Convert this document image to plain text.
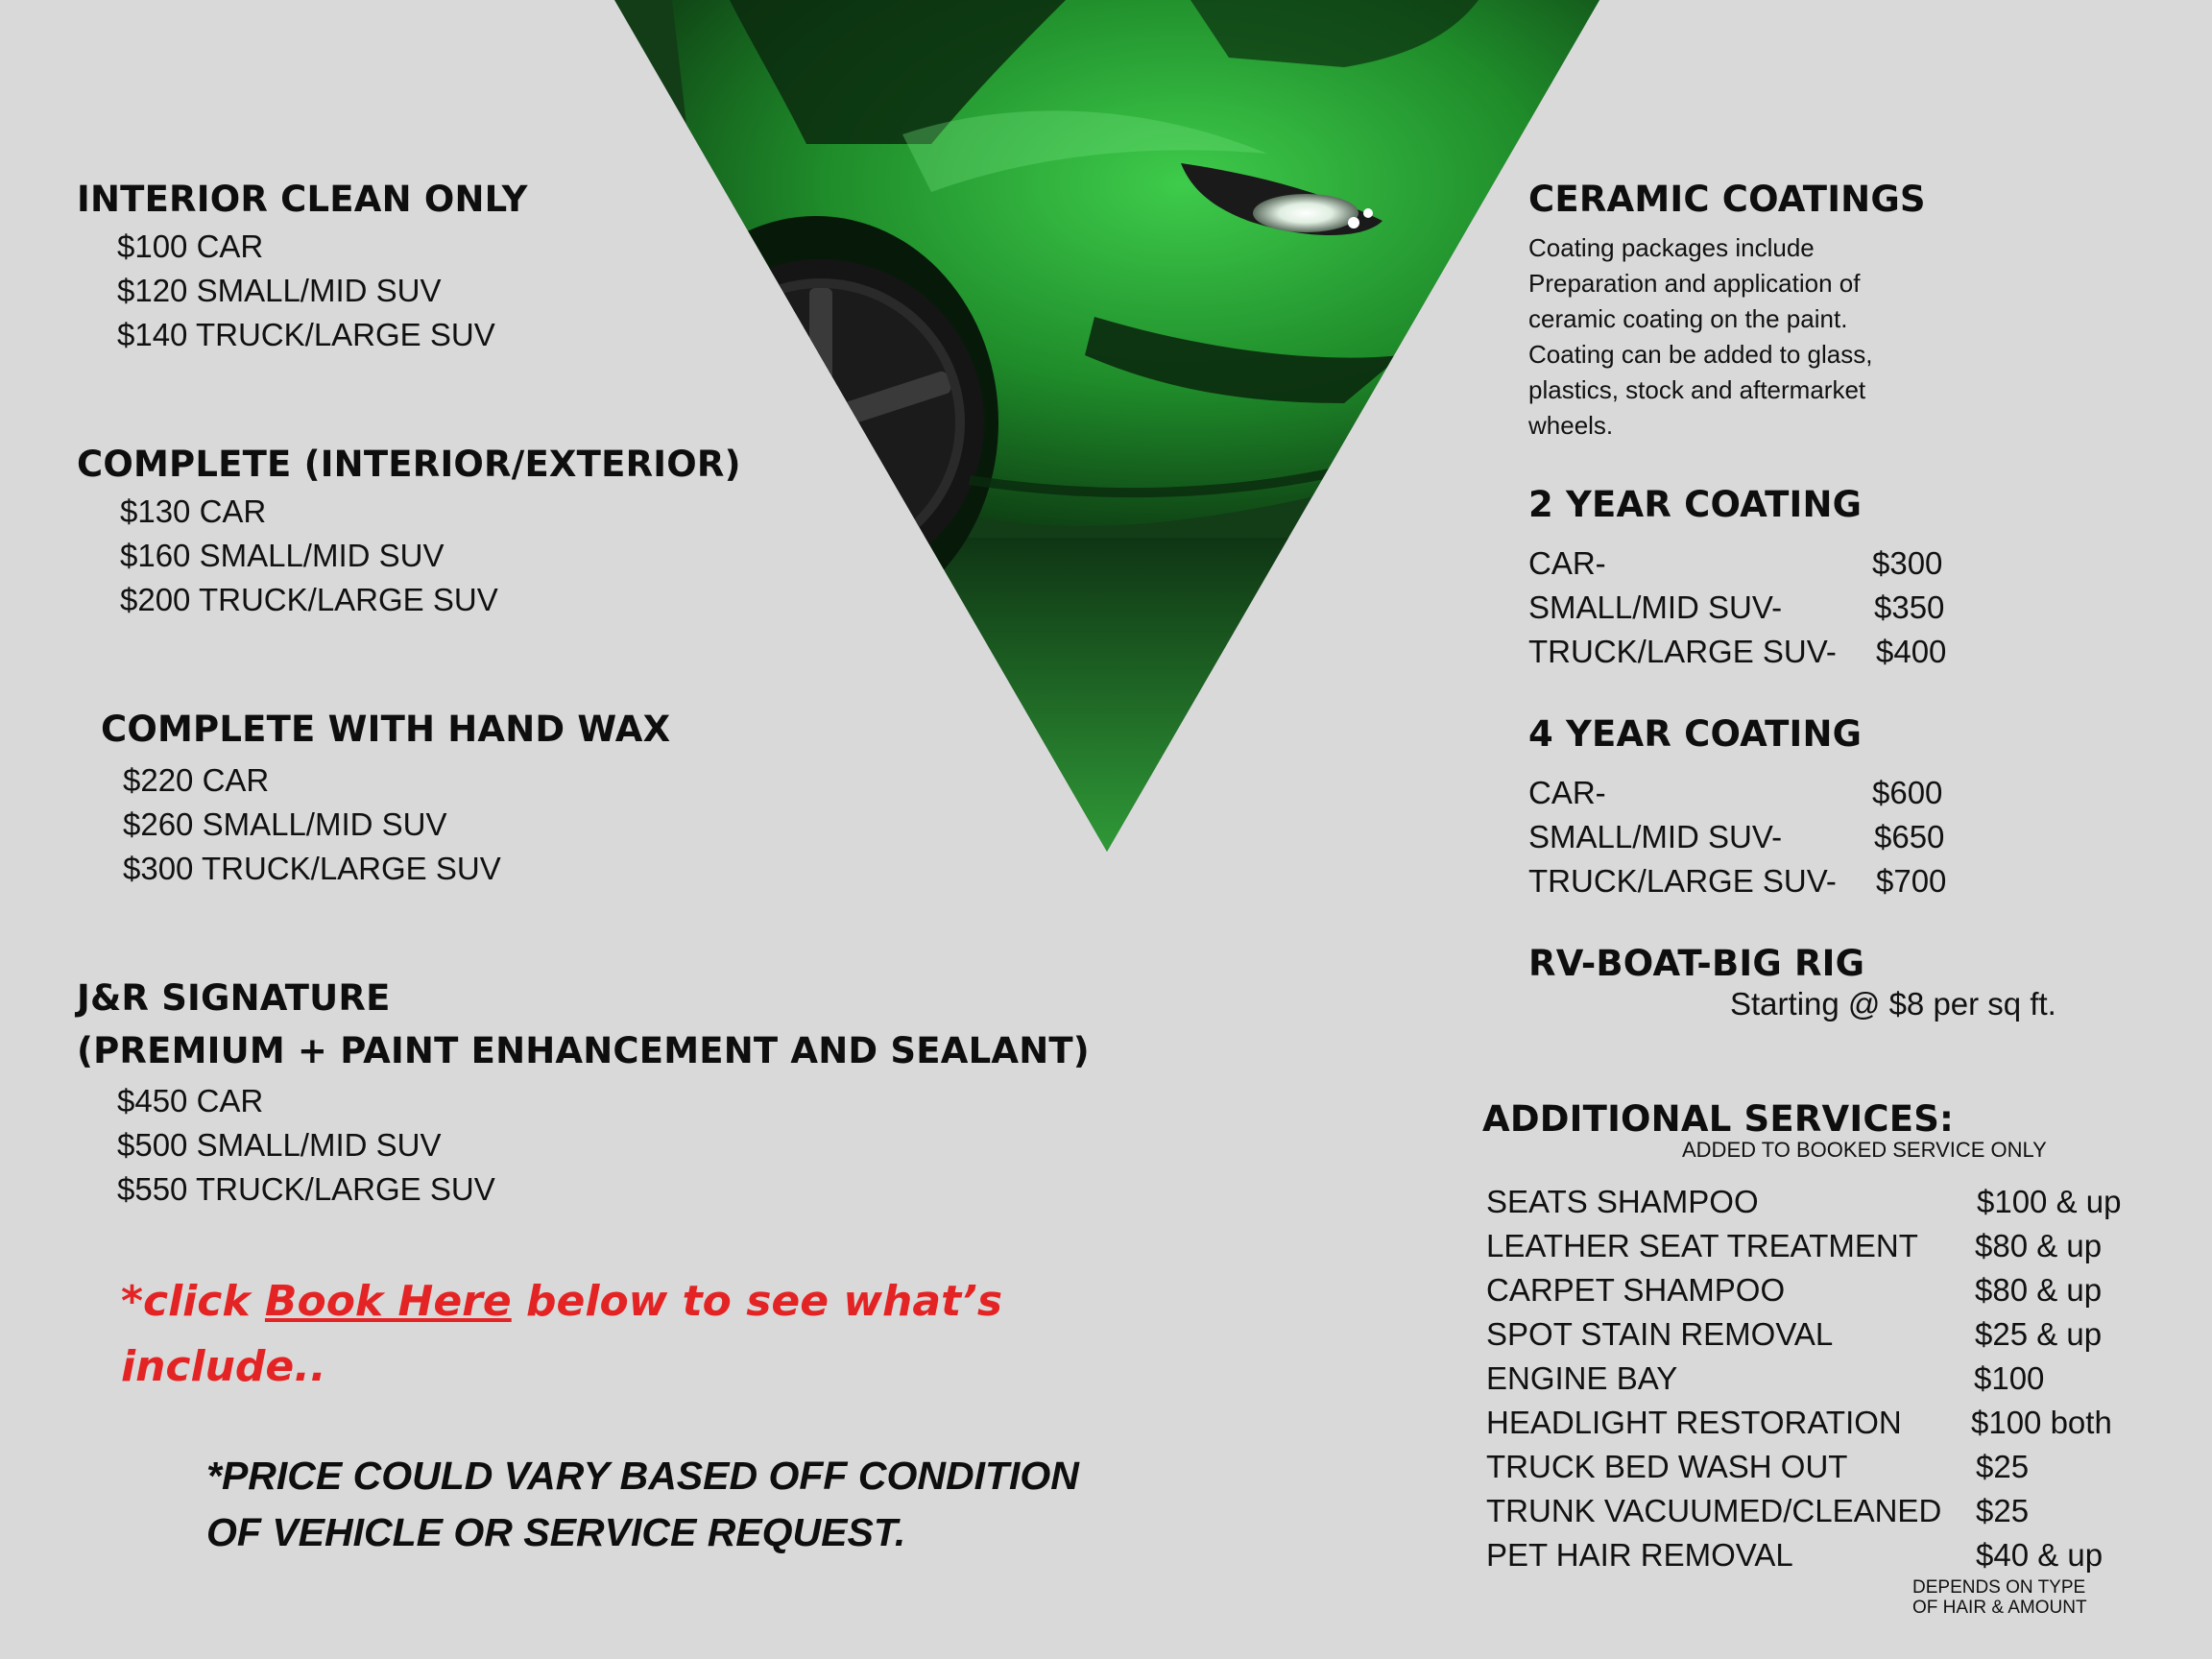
INTERIOR CLEAN ONLY
$100 CAR
$120 SMALL/MID SUV
$140 TRUCK/LARGE SUV
COMPLETE (INTERIOR/EXTERIOR)
$130 CAR
$160 SMALL/MID SUV
$200 TRUCK/LARGE SUV
COMPLETE WITH HAND WAX
$220 CAR
$260 SMALL/MID SUV
$300 TRUCK/LARGE SUV
J&R SIGNATURE
(PREMIUM + PAINT ENHANCEMENT AND SEALANT)
$450 CAR
$500 SMALL/MID SUV
$550 TRUCK/LARGE SUV
*click Book Here below to see what’s
include..
*PRICE COULD VARY BASED OFF CONDITION
OF VEHICLE OR SERVICE REQUEST.
CERAMIC COATINGS
Coating packages include
Preparation and application of
ceramic coating on the paint.
Coating can be added to glass,
plastics, stock and aftermarket
wheels.
2 YEAR COATING
CAR-	$300
SMALL/MID SUV-	$350
TRUCK/LARGE SUV- $400
4 YEAR COATING
CAR-	$600
SMALL/MID SUV-	$650
TRUCK/LARGE SUV- $700
RV-BOAT-BIG RIG
Starting @ $8 per sq ft.
ADDITIONAL SERVICES:
ADDED TO BOOKED SERVICE ONLY
SEATS SHAMPOO	$100 & up
LEATHER SEAT TREATMENT $80 & up
CARPET SHAMPOO	$80 & up
SPOT STAIN REMOVAL	$25 & up
ENGINE BAY	$100
HEADLIGHT RESTORATION $100 both
TRUCK BED WASH OUT	$25
TRUNK VACUUMED/CLEANED $25
PET HAIR REMOVAL	$40 & up
DEPENDS ON TYPE
OF HAIR & AMOUNT
